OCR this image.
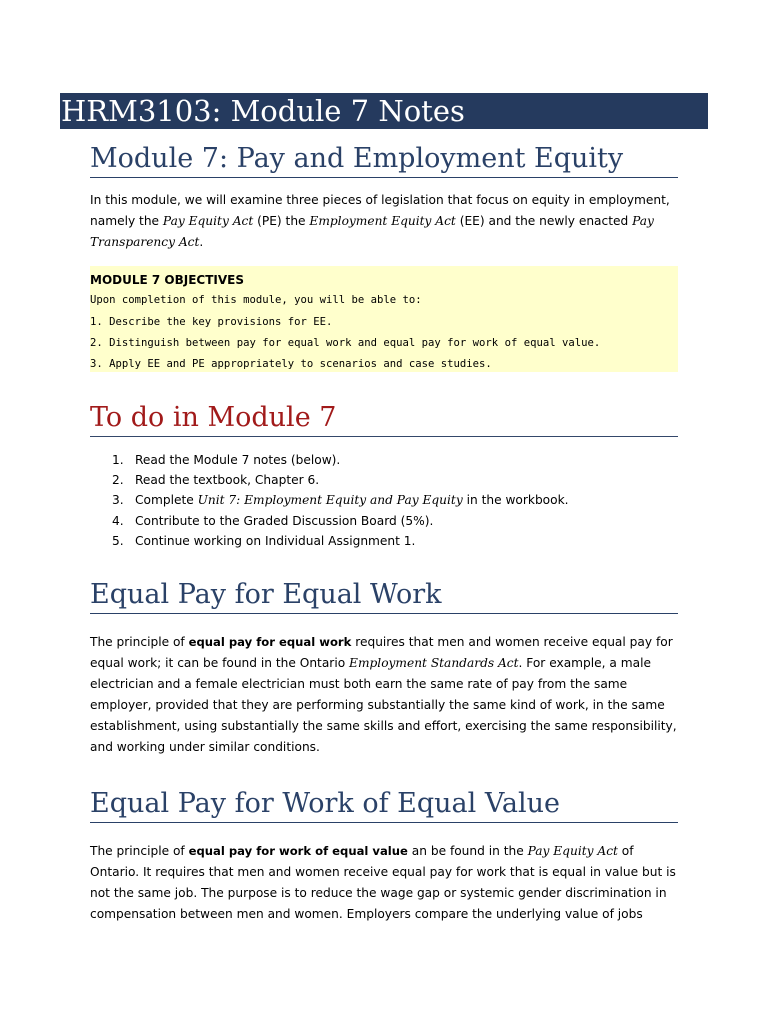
HRM3103: Module 7 Notes
Module 7: Pay and Employment Equity

In this module, we will examine three pieces of legislation that focus on equity in employment, namely the Pay Equity Act (PE) the Employment Equity Act (EE) and the newly enacted Pay Transparency Act.

MODULE 7 OBJECTIVES
Upon completion of this module, you will be able to:
1. Describe the key provisions for EE.
2. Distinguish between pay for equal work and equal pay for work of equal value.
3. Apply EE and PE appropriately to scenarios and case studies.
To do in Module 7
1. Read the Module 7 notes (below).
2. Read the textbook, Chapter 6.
3. Complete Unit 7: Employment Equity and Pay Equity in the workbook.
4. Contribute to the Graded Discussion Board (5%).
5. Continue working on Individual Assignment 1.
Equal Pay for Equal Work

The principle of equal pay for equal work requires that men and women receive equal pay for equal work; it can be found in the Ontario Employment Standards Act. For example, a male electrician and a female electrician must both earn the same rate of pay from the same employer, provided that they are performing substantially the same kind of work, in the same establishment, using substantially the same skills and effort, exercising the same responsibility, and working under similar conditions.

Equal Pay for Work of Equal Value

The principle of equal pay for work of equal value an be found in the Pay Equity Act of Ontario. It requires that men and women receive equal pay for work that is equal in value but is not the same job. The purpose is to reduce the wage gap or systemic gender discrimination in compensation between men and women. Employers compare the underlying value of jobs
